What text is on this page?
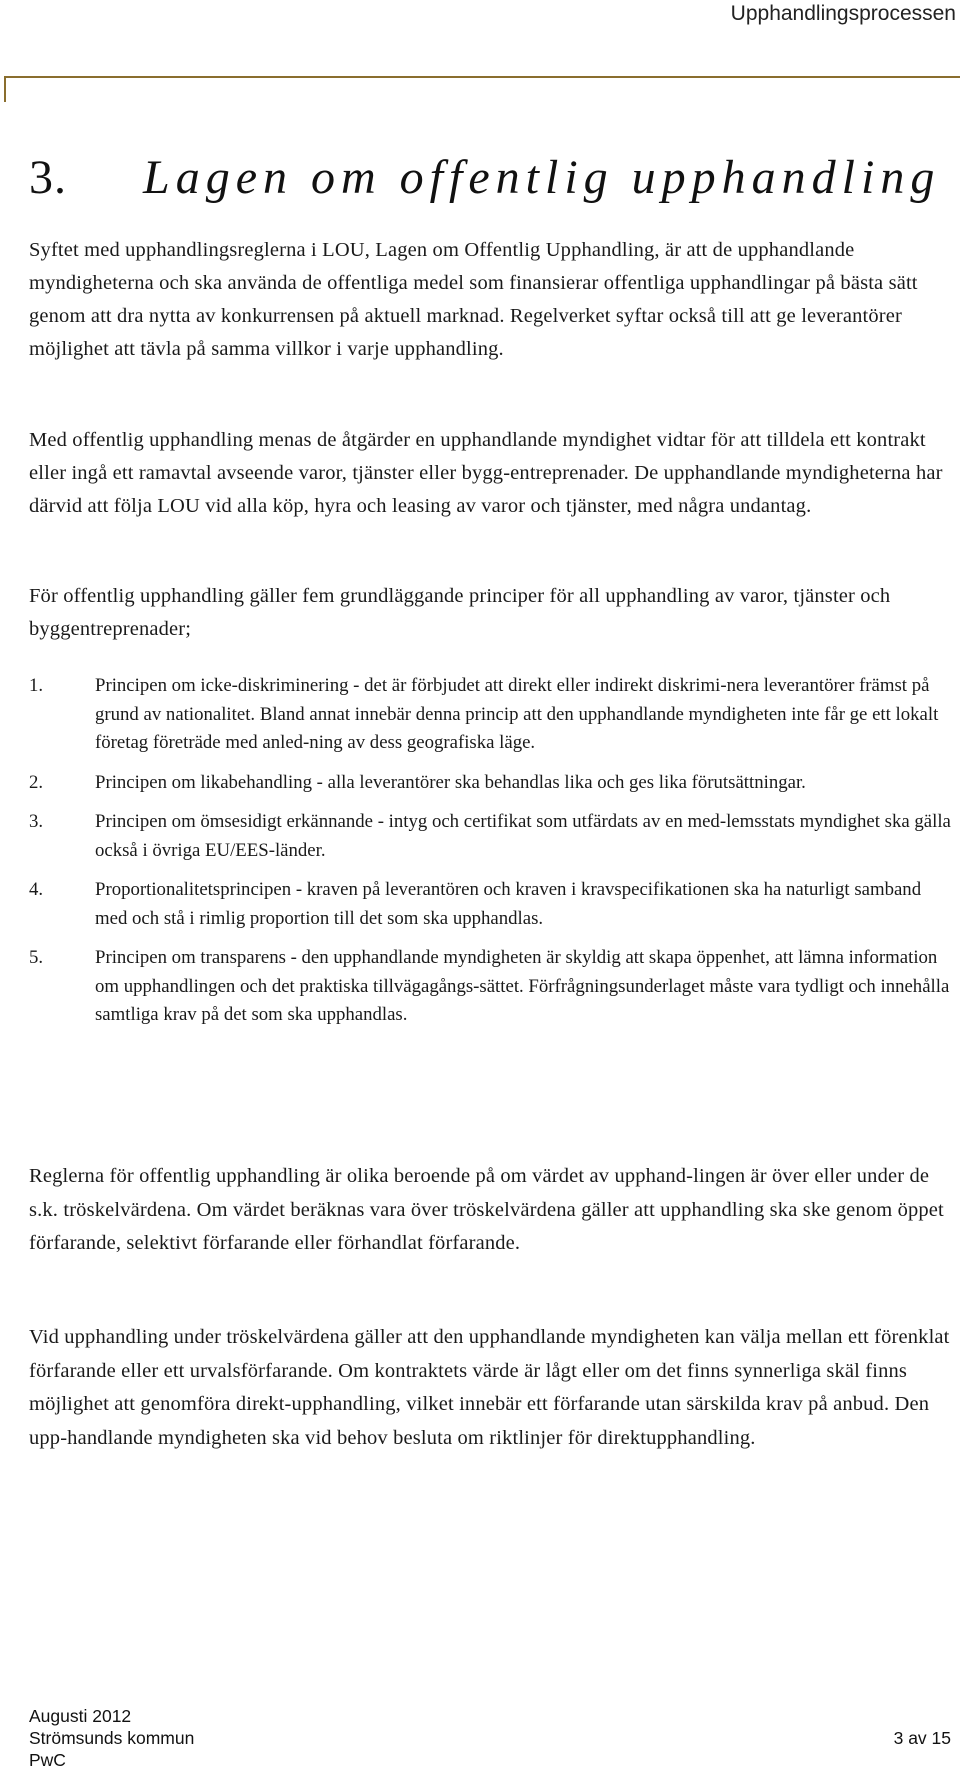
Upphandlingsprocessen
3. Lagen om offentlig upphandling

Syftet med upphandlingsreglerna i LOU, Lagen om Offentlig Upphandling, är att de upphandlande myndigheterna och ska använda de offentliga medel som finansierar offentliga upphandlingar på bästa sätt genom att dra nytta av konkurrensen på aktuell marknad. Regelverket syftar också till att ge leverantörer möjlighet att tävla på samma villkor i varje upphandling.

Med offentlig upphandling menas de åtgärder en upphandlande myndighet vidtar för att tilldela ett kontrakt eller ingå ett ramavtal avseende varor, tjänster eller bygg-entreprenader. De upphandlande myndigheterna har därvid att följa LOU vid alla köp, hyra och leasing av varor och tjänster, med några undantag.

För offentlig upphandling gäller fem grundläggande principer för all upphandling av varor, tjänster och byggentreprenader;

1.	Principen om icke-diskriminering - det är förbjudet att direkt eller indirekt diskrimi-nera leverantörer främst på grund av nationalitet. Bland annat innebär denna princip att den upphandlande myndigheten inte får ge ett lokalt företag företräde med anled-ning av dess geografiska läge.
2.	Principen om likabehandling - alla leverantörer ska behandlas lika och ges lika förutsättningar.
3.	Principen om ömsesidigt erkännande - intyg och certifikat som utfärdats av en med-lemsstats myndighet ska gälla också i övriga EU/EES-länder.
4.	Proportionalitetsprincipen - kraven på leverantören och kraven i kravspecifikationen ska ha naturligt samband med och stå i rimlig proportion till det som ska upphandlas.
5.	Principen om transparens - den upphandlande myndigheten är skyldig att skapa öppenhet, att lämna information om upphandlingen och det praktiska tillvägagångs-sättet. Förfrågningsunderlaget måste vara tydligt och innehålla samtliga krav på det som ska upphandlas.

Reglerna för offentlig upphandling är olika beroende på om värdet av upphand-lingen är över eller under de s.k. tröskelvärdena. Om värdet beräknas vara över tröskelvärdena gäller att upphandling ska ske genom öppet förfarande, selektivt förfarande eller förhandlat förfarande.

Vid upphandling under tröskelvärdena gäller att den upphandlande myndigheten kan välja mellan ett förenklat förfarande eller ett urvalsförfarande. Om kontraktets värde är lågt eller om det finns synnerliga skäl finns möjlighet att genomföra direkt-upphandling, vilket innebär ett förfarande utan särskilda krav på anbud. Den upp-handlande myndigheten ska vid behov besluta om riktlinjer för direktupphandling.

Augusti 2012
Strömsunds kommun	3 av 15
PwC
